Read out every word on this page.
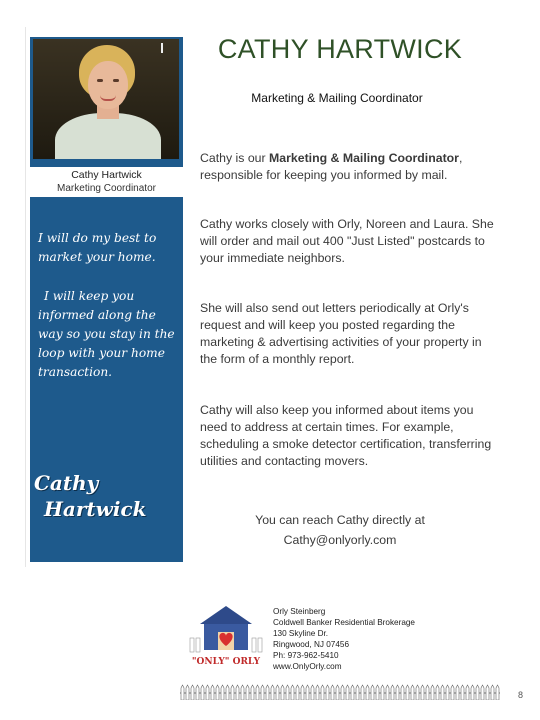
Cathy Hartwick
Marketing Coordinator
I will do my best to market your home.
I will keep you informed along the way so you stay in the loop with your home transaction.
Cathy
Hartwick
CATHY HARTWICK
Marketing & Mailing Coordinator

Cathy is our Marketing & Mailing Coordinator, responsible for keeping you informed by mail.

Cathy works closely with Orly, Noreen and Laura. She will order and mail out 400 "Just Listed" postcards to your immediate neighbors.

She will also send out letters periodically at Orly's request and will keep you posted regarding the marketing & advertising activities of your property in the form of a monthly report.

Cathy will also keep you informed about items you need to address at certain times. For example, scheduling a smoke detector certification, transferring utilities and contacting movers.

You can reach Cathy directly at
Cathy@onlyorly.com
"ONLY" ORLY
Orly Steinberg
Coldwell Banker Residential Brokerage
130 Skyline Dr.
Ringwood, NJ 07456
Ph: 973-962-5410
www.OnlyOrly.com
8
